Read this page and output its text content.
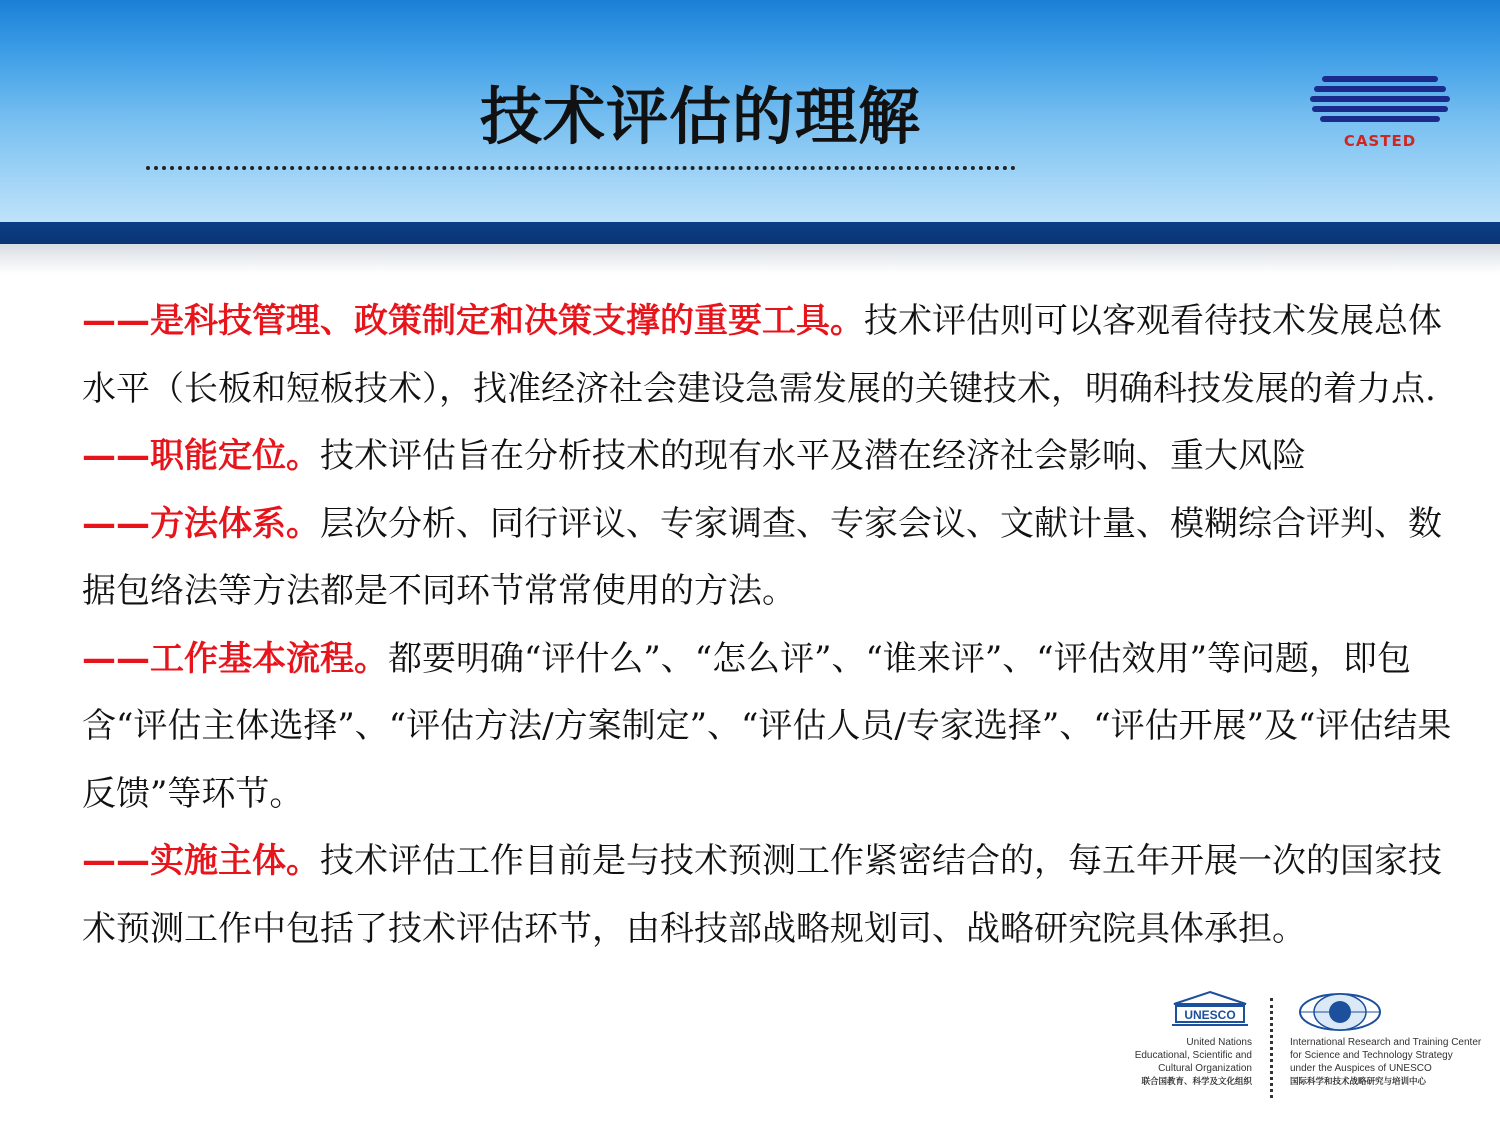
技术评估的理解	CASTED

——是科技管理、政策制定和决策支撑的重要工具。技术评估则可以客观看待技术发展总体水平（长板和短板技术），找准经济社会建设急需发展的关键技术，明确科技发展的着力点.

——职能定位。技术评估旨在分析技术的现有水平及潜在经济社会影响、重大风险

——方法体系。层次分析、同行评议、专家调查、专家会议、文献计量、模糊综合评判、数据包络法等方法都是不同环节常常使用的方法。

——工作基本流程。都要明确“评什么”、“怎么评”、“谁来评”、“评估效用”等问题，即包含“评估主体选择”、“评估方法/方案制定”、“评估人员/专家选择”、“评估开展”及“评估结果反馈”等环节。

——实施主体。技术评估工作目前是与技术预测工作紧密结合的，每五年开展一次的国家技术预测工作中包括了技术评估环节，由科技部战略规划司、战略研究院具体承担。

UNESCO
United Nations
Educational, Scientific and
Cultural Organization
联合国教育、科学及文化组织
International Research and Training Center
for Science and Technology Strategy
under the Auspices of UNESCO
国际科学和技术战略研究与培训中心
